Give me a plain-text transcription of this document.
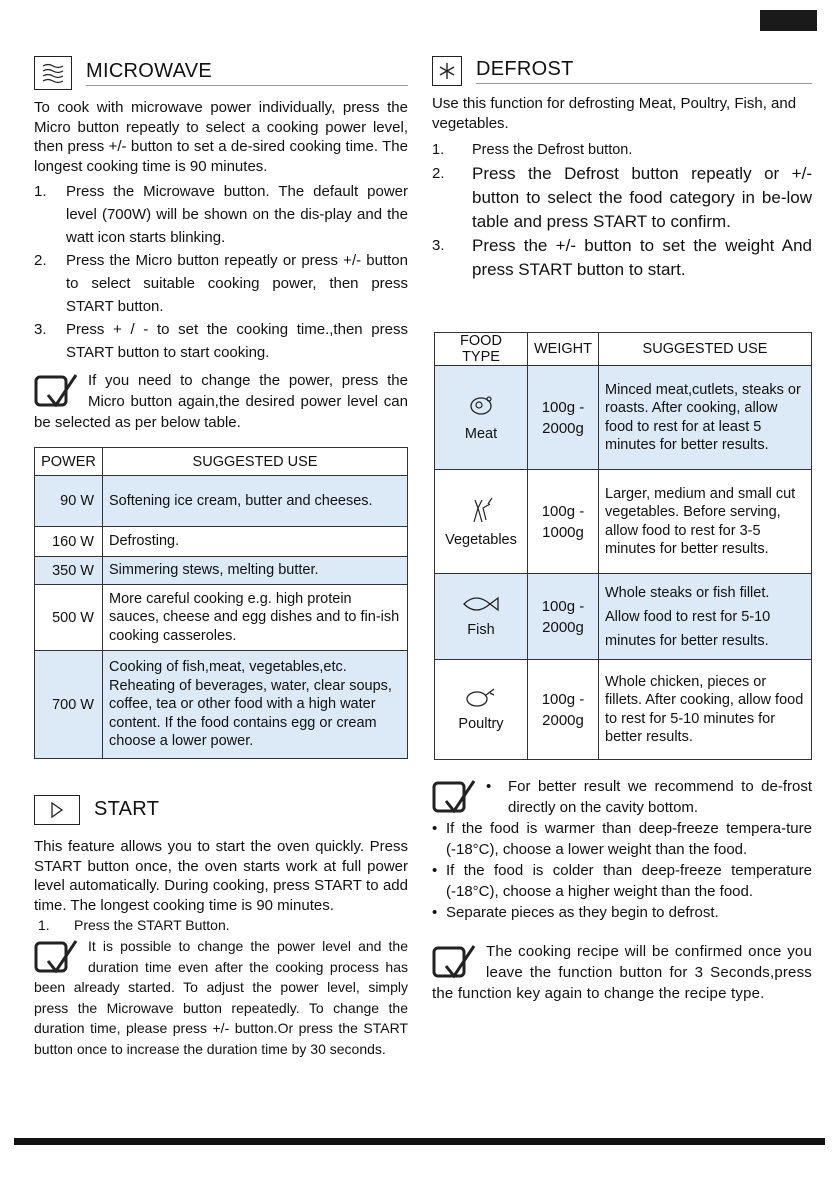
MICROWAVE

To cook with microwave power individually, press the Micro button repeatly to select a cooking power level, then press +/- button to set a de-sired cooking time. The longest cooking time is 90 minutes.

1.	Press the Microwave button. The default power level (700W) will be shown on the dis-play and the watt icon starts blinking.
2.	Press the Micro button repeatly or press +/- button to select suitable cooking power, then press START button.
3.	Press + / - to set the cooking time.,then press START button to start cooking.
If you need to change the power, press the Micro button again,the desired power level can be selected as per below table.
POWER	SUGGESTED USE
90 W	Softening ice cream, butter and cheeses.
160 W	Defrosting.
350 W	Simmering stews, melting butter.
500 W	More careful cooking e.g. high protein sauces, cheese and egg dishes and to fin-ish cooking casseroles.
700 W	Cooking of fish,meat, vegetables,etc. Reheating of beverages, water, clear soups, coffee, tea or other food with a high water content. If the food contains egg or cream choose a lower power.
START

This feature allows you to start the oven quickly. Press START button once, the oven starts work at full power level automatically. During cooking, press START to add time. The longest cooking time is 90 minutes.

1.	Press the START Button.
It is possible to change the power level and the duration time even after the cooking process has been already started. To adjust the power level, simply press the Microwave button repeatedly. To change the duration time, please press +/- button.Or press the START button once to increase the duration time by 30 seconds.
DEFROST

Use this function for defrosting Meat, Poultry, Fish, and vegetables.

1.	Press the Defrost button.
2.	Press the Defrost button repeatly or +/- button to select the food category in be-low table and press START to confirm.
3.	Press the +/- button to set the weight And press START button to start.
FOOD TYPE	WEIGHT	SUGGESTED USE

Meat	100g - 2000g	Minced meat,cutlets, steaks or roasts. After cooking, allow food to rest for at least 5 minutes for better results.

Vegetables	100g - 1000g	Larger, medium and small cut vegetables. Before serving, allow food to rest for 3-5 minutes for better results.

Fish	100g - 2000g	Whole steaks or fish fillet. Allow food to rest for 5-10 minutes for better results.

Poultry	100g - 2000g	Whole chicken, pieces or fillets. After cooking, allow food to rest for 5-10 minutes for better results.
•	For better result we recommend to de-frost directly on the cavity bottom.
• If the food is warmer than deep-freeze tempera-ture (-18°C), choose a lower weight than the food.
• If the food is colder than deep-freeze temperature (-18°C), choose a higher weight than the food.
• Separate pieces as they begin to defrost.
The cooking recipe will be confirmed once you leave the function button for 3 Seconds,press the function key again to change the recipe type.
